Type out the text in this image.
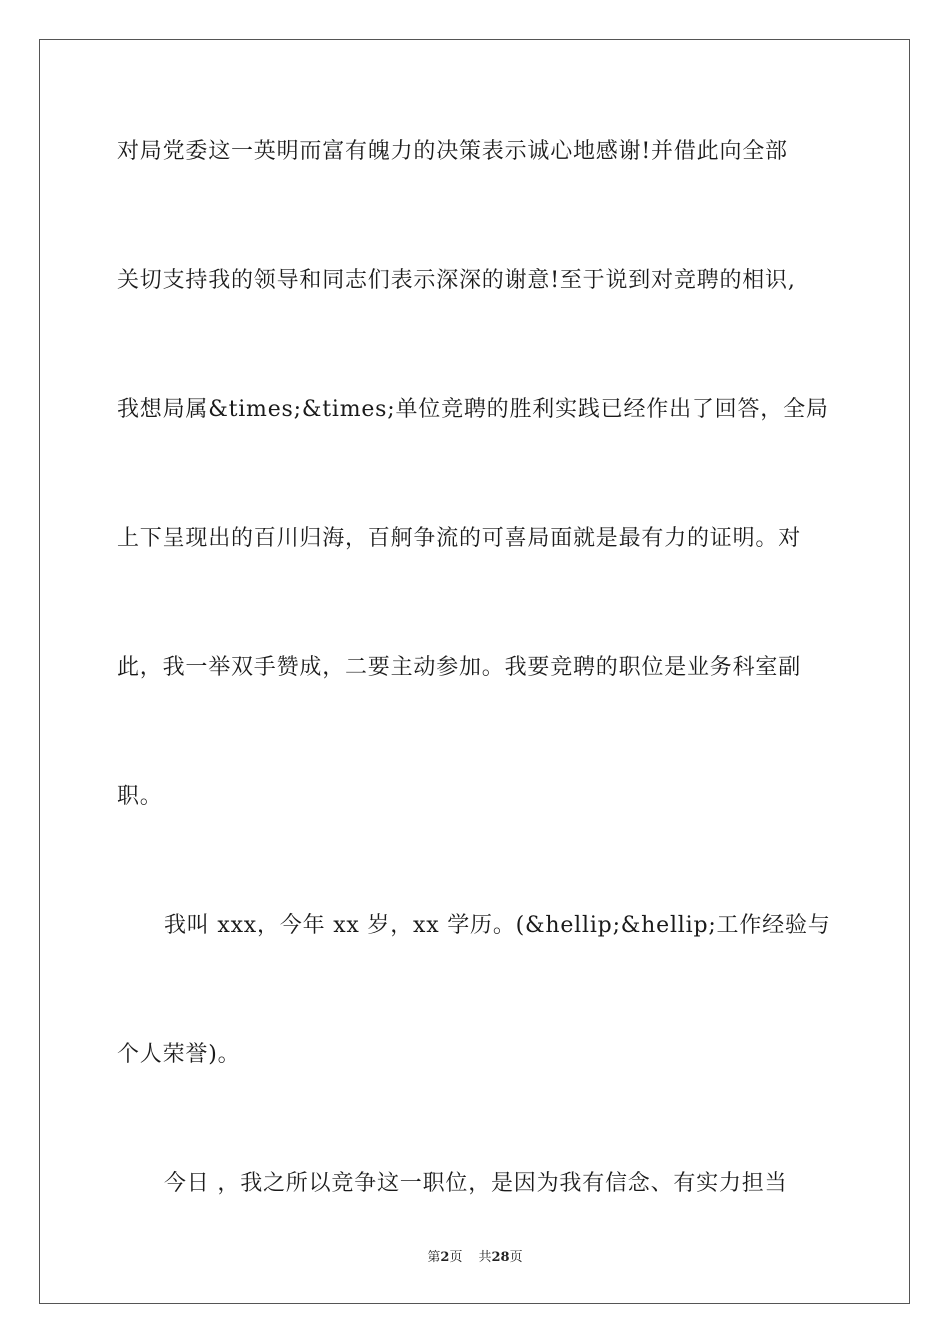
对局党委这一英明而富有魄力的决策表示诚心地感谢!并借此向全部
关切支持我的领导和同志们表示深深的谢意!至于说到对竞聘的相识,
我想局属&times;&times;单位竞聘的胜利实践已经作出了回答，全局
上下呈现出的百川归海，百舸争流的可喜局面就是最有力的证明。对
此，我一举双手赞成，二要主动参加。我要竞聘的职位是业务科室副
职。
我叫 xxx，今年 xx 岁，xx 学历。(&hellip;&hellip;工作经验与
个人荣誉)。
今日 ，我之所以竞争这一职位，是因为我有信念、有实力担当
第2页 共28页
